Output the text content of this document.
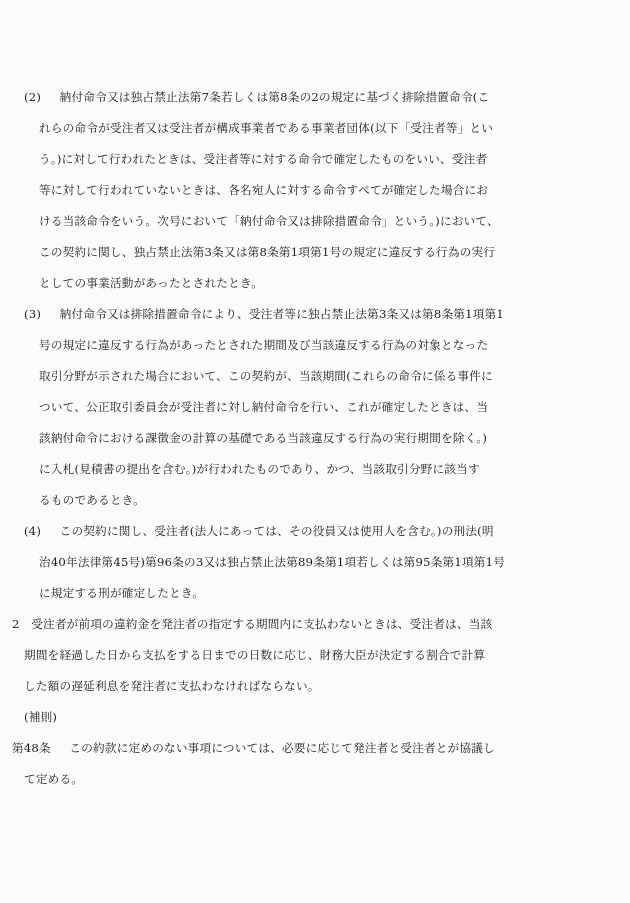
(2) 納付命令又は独占禁止法第7条若しくは第8条の2の規定に基づく排除措置命令(こ
れらの命令が受注者又は受注者が構成事業者である事業者団体(以下「受注者等」とい
う。)に対して行われたときは、受注者等に対する命令で確定したものをいい、受注者
等に対して行われていないときは、各名宛人に対する命令すべてが確定した場合にお
ける当該命令をいう。次号において「納付命令又は排除措置命令」という。)において、
この契約に関し、独占禁止法第3条又は第8条第1項第1号の規定に違反する行為の実行
としての事業活動があったとされたとき。
(3) 納付命令又は排除措置命令により、受注者等に独占禁止法第3条又は第8条第1項第1
号の規定に違反する行為があったとされた期間及び当該違反する行為の対象となった
取引分野が示された場合において、この契約が、当該期間(これらの命令に係る事件に
ついて、公正取引委員会が受注者に対し納付命令を行い、これが確定したときは、当
該納付命令における課徴金の計算の基礎である当該違反する行為の実行期間を除く。)
に入札(見積書の提出を含む。)が行われたものであり、かつ、当該取引分野に該当す
るものであるとき。
(4) この契約に関し、受注者(法人にあっては、その役員又は使用人を含む。)の刑法(明
治40年法律第45号)第96条の3又は独占禁止法第89条第1項若しくは第95条第1項第1号
に規定する刑が確定したとき。
2 受注者が前項の違約金を発注者の指定する期間内に支払わないときは、受注者は、当該
期間を経過した日から支払をする日までの日数に応じ、財務大臣が決定する割合で計算
した額の遅延利息を発注者に支払わなければならない。
(補則)
第48条 この約款に定めのない事項については、必要に応じて発注者と受注者とが協議し
て定める。
